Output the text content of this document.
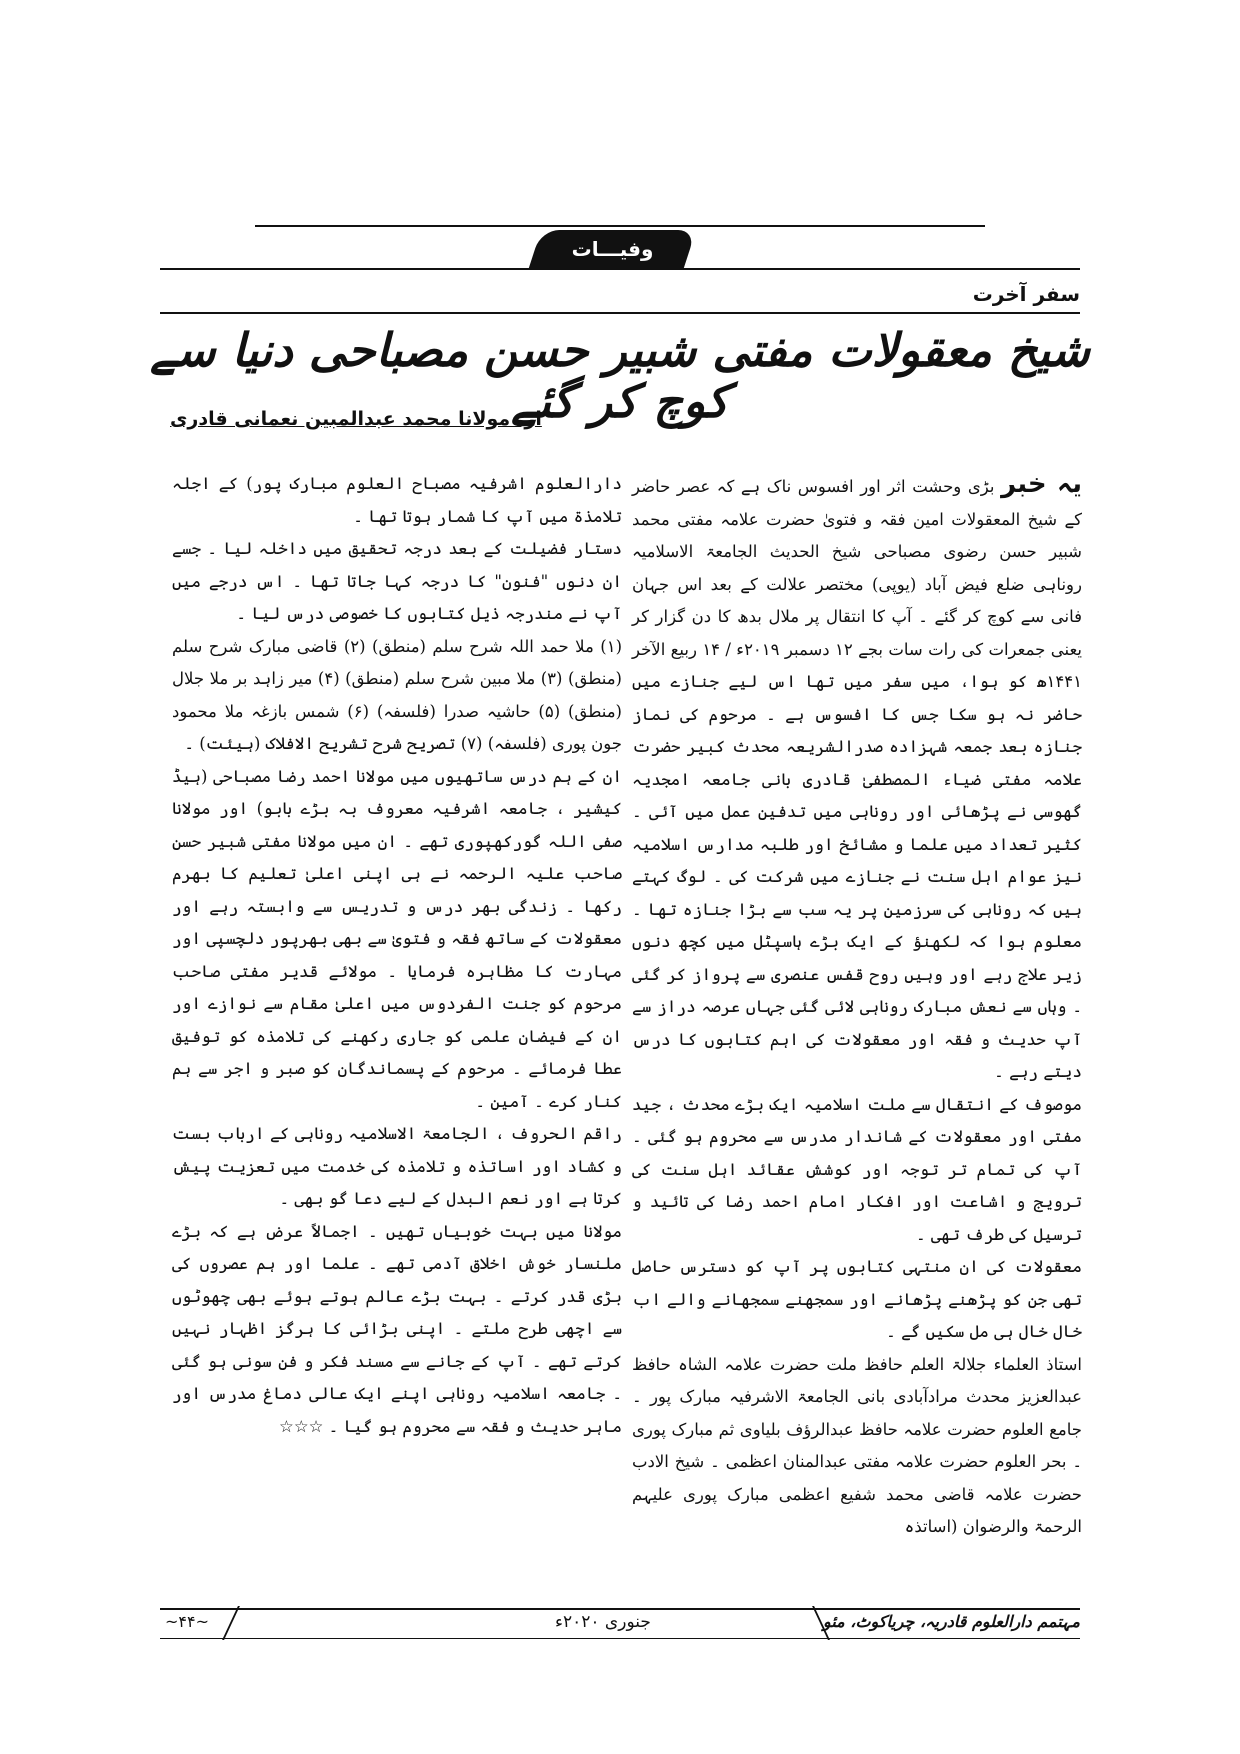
وفیـــات
سفر آخرت
شیخ معقولات مفتی شبیر حسن مصباحی دنیا سے کوچ کر گئے
از: مولانا محمد عبدالمبین نعمانی قادری

یہ خبر بڑی وحشت اثر اور افسوس ناک ہے کہ عصر حاضر کے شیخ المعقولات امین فقہ و فتویٰ حضرت علامہ مفتی محمد شبیر حسن رضوی مصباحی شیخ الحدیث الجامعۃ الاسلامیہ روناہی ضلع فیض آباد (یوپی) مختصر علالت کے بعد اس جہان فانی سے کوچ کر گئے ۔ آپ کا انتقال پر ملال بدھ کا دن گزار کر یعنی جمعرات کی رات سات بجے ۱۲ دسمبر ۲۰۱۹ء / ۱۴ ربیع الآخر ۱۴۴۱ھ کو ہوا، میں سفر میں تھا اس لیے جنازے میں حاضر نہ ہو سکا جس کا افسوس ہے ۔ مرحوم کی نماز جنازہ بعد جمعہ شہزادہ صدرالشریعہ محدث کبیر حضرت علامہ مفتی ضیاء المصطفیٰ قادری بانی جامعہ امجدیہ گھوسی نے پڑھائی اور روناہی میں تدفین عمل میں آئی ۔ کثیر تعداد میں علما و مشائخ اور طلبہ مدارس اسلامیہ نیز عوام اہل سنت نے جنازے میں شرکت کی ۔ لوگ کہتے ہیں کہ روناہی کی سرزمین پر یہ سب سے بڑا جنازہ تھا ۔ معلوم ہوا کہ لکھنؤ کے ایک بڑے ہاسپٹل میں کچھ دنوں زیر علاج رہے اور وہیں روح قفس عنصری سے پرواز کر گئی ۔ وہاں سے نعش مبارک روناہی لائی گئی جہاں عرصہ دراز سے آپ حدیث و فقہ اور معقولات کی اہم کتابوں کا درس دیتے رہے ۔

موصوف کے انتقال سے ملت اسلامیہ ایک بڑے محدث ، جید مفتی اور معقولات کے شاندار مدرس سے محروم ہو گئی ۔ آپ کی تمام تر توجہ اور کوشش عقائد اہل سنت کی ترویج و اشاعت اور افکار امام احمد رضا کی تائید و ترسیل کی طرف تھی ۔

معقولات کی ان منتہی کتابوں پر آپ کو دسترس حاصل تھی جن کو پڑھنے پڑھانے اور سمجھنے سمجھانے والے اب خال خال ہی مل سکیں گے ۔

استاذ العلماء جلالۃ العلم حافظ ملت حضرت علامہ الشاہ حافظ عبدالعزیز محدث مرادآبادی بانی الجامعۃ الاشرفیہ مبارک پور ۔ جامع العلوم حضرت علامہ حافظ عبدالرؤف بلیاوی ثم مبارک پوری ۔ بحر العلوم حضرت علامہ مفتی عبدالمنان اعظمی ۔ شیخ الادب حضرت علامہ قاضی محمد شفیع اعظمی مبارک پوری علیہم الرحمۃ والرضوان (اساتذہ

دارالعلوم اشرفیہ مصباح العلوم مبارک پور) کے اجلہ تلامذۃ میں آپ کا شمار ہوتا تھا ۔

دستار فضیلت کے بعد درجہ تحقیق میں داخلہ لیا ۔ جسے ان دنوں "فنون" کا درجہ کہا جاتا تھا ۔ اس درجے میں آپ نے مندرجہ ذیل کتابوں کا خصوصی درس لیا ۔

(۱) ملا حمد اللہ شرح سلم (منطق) (۲) قاضی مبارک شرح سلم (منطق) (۳) ملا مبین شرح سلم (منطق) (۴) میر زاہد بر ملا جلال (منطق) (۵) حاشیہ صدرا (فلسفہ) (۶) شمس بازغہ ملا محمود جون پوری (فلسفہ) (۷) تصریح شرح تشریح الافلاک (ہیئت) ۔

ان کے ہم درس ساتھیوں میں مولانا احمد رضا مصباحی (ہیڈ کیشیر ، جامعہ اشرفیہ معروف بہ بڑے بابو) اور مولانا صفی اللہ گورکھپوری تھے ۔ ان میں مولانا مفتی شبیر حسن صاحب علیہ الرحمہ نے ہی اپنی اعلیٰ تعلیم کا بھرم رکھا ۔ زندگی بھر درس و تدریس سے وابستہ رہے اور معقولات کے ساتھ فقہ و فتویٰ سے بھی بھرپور دلچسپی اور مہارت کا مظاہرہ فرمایا ۔ مولائے قدیر مفتی صاحب مرحوم کو جنت الفردوس میں اعلیٰ مقام سے نوازے اور ان کے فیضان علمی کو جاری رکھنے کی تلامذہ کو توفیق عطا فرمائے ۔ مرحوم کے پسماندگان کو صبر و اجر سے ہم کنار کرے ۔ آمین ۔

راقم الحروف ، الجامعۃ الاسلامیہ روناہی کے ارباب بست و کشاد اور اساتذہ و تلامذہ کی خدمت میں تعزیت پیش کرتا ہے اور نعم البدل کے لیے دعا گو بھی ۔

مولانا میں بہت خوبیاں تھیں ۔ اجمالاً عرض ہے کہ بڑے ملنسار خوش اخلاق آدمی تھے ۔ علما اور ہم عصروں کی بڑی قدر کرتے ۔ بہت بڑے عالم ہوتے ہوئے بھی چھوٹوں سے اچھی طرح ملتے ۔ اپنی بڑائی کا ہرگز اظہار نہیں کرتے تھے ۔ آپ کے جانے سے مسند فکر و فن سونی ہو گئی ۔ جامعہ اسلامیہ روناہی اپنے ایک عالی دماغ مدرس اور ماہر حدیث و فقہ سے محروم ہو گیا ۔ ☆☆☆

مہتمم دارالعلوم قادریہ، چریاکوٹ، مئو
جنوری ۲۰۲۰ء
~۴۴~
